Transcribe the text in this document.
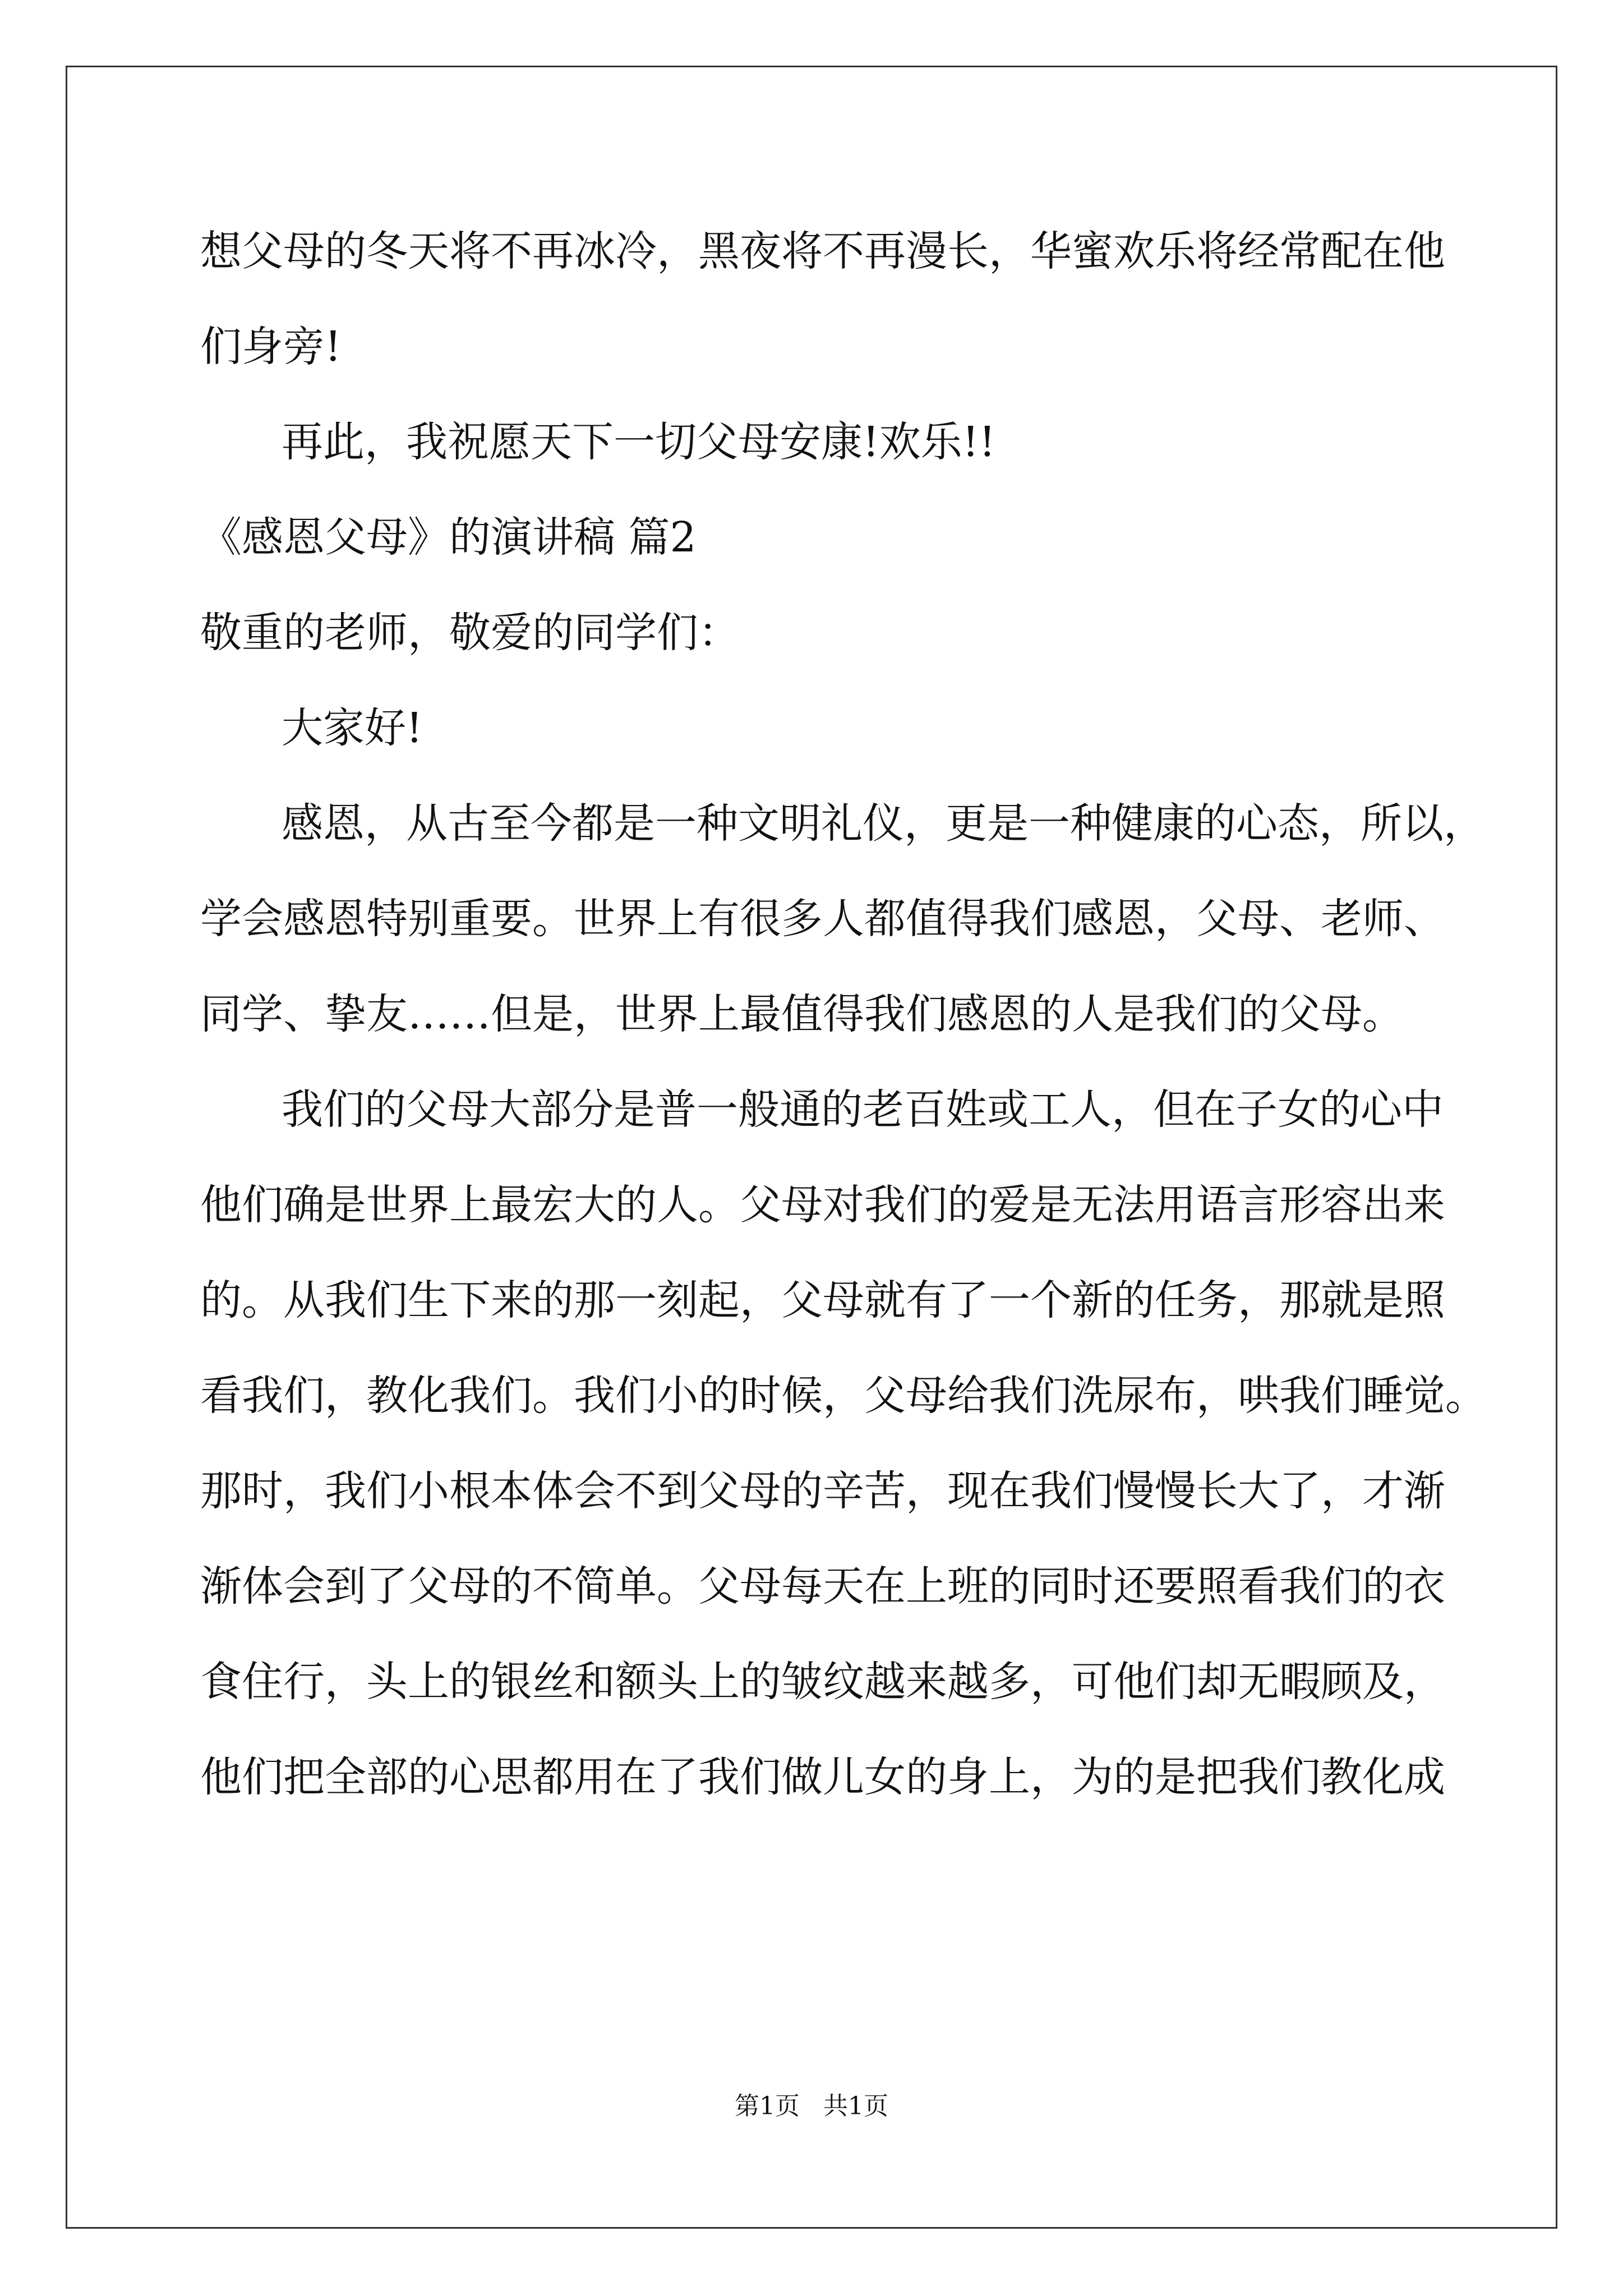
想父母的冬天将不再冰冷，黑夜将不再漫长，华蜜欢乐将经常配在他
们身旁!
再此，我祝愿天下一切父母安康!欢乐!!
《感恩父母》的演讲稿 篇2
敬重的老师，敬爱的同学们：
大家好!
感恩，从古至今都是一种文明礼仪，更是一种健康的心态，所以，
学会感恩特别重要。世界上有很多人都值得我们感恩，父母、老师、
同学、挚友……但是，世界上最值得我们感恩的人是我们的父母。
我们的父母大部分是普一般通的老百姓或工人，但在子女的心中
他们确是世界上最宏大的人。父母对我们的爱是无法用语言形容出来
的。从我们生下来的那一刻起，父母就有了一个新的任务，那就是照
看我们，教化我们。我们小的时候，父母给我们洗尿布，哄我们睡觉。
那时，我们小根本体会不到父母的辛苦，现在我们慢慢长大了，才渐
渐体会到了父母的不简单。父母每天在上班的同时还要照看我们的衣
食住行，头上的银丝和额头上的皱纹越来越多，可他们却无暇顾及，
他们把全部的心思都用在了我们做儿女的身上，为的是把我们教化成
第1页   共1页
